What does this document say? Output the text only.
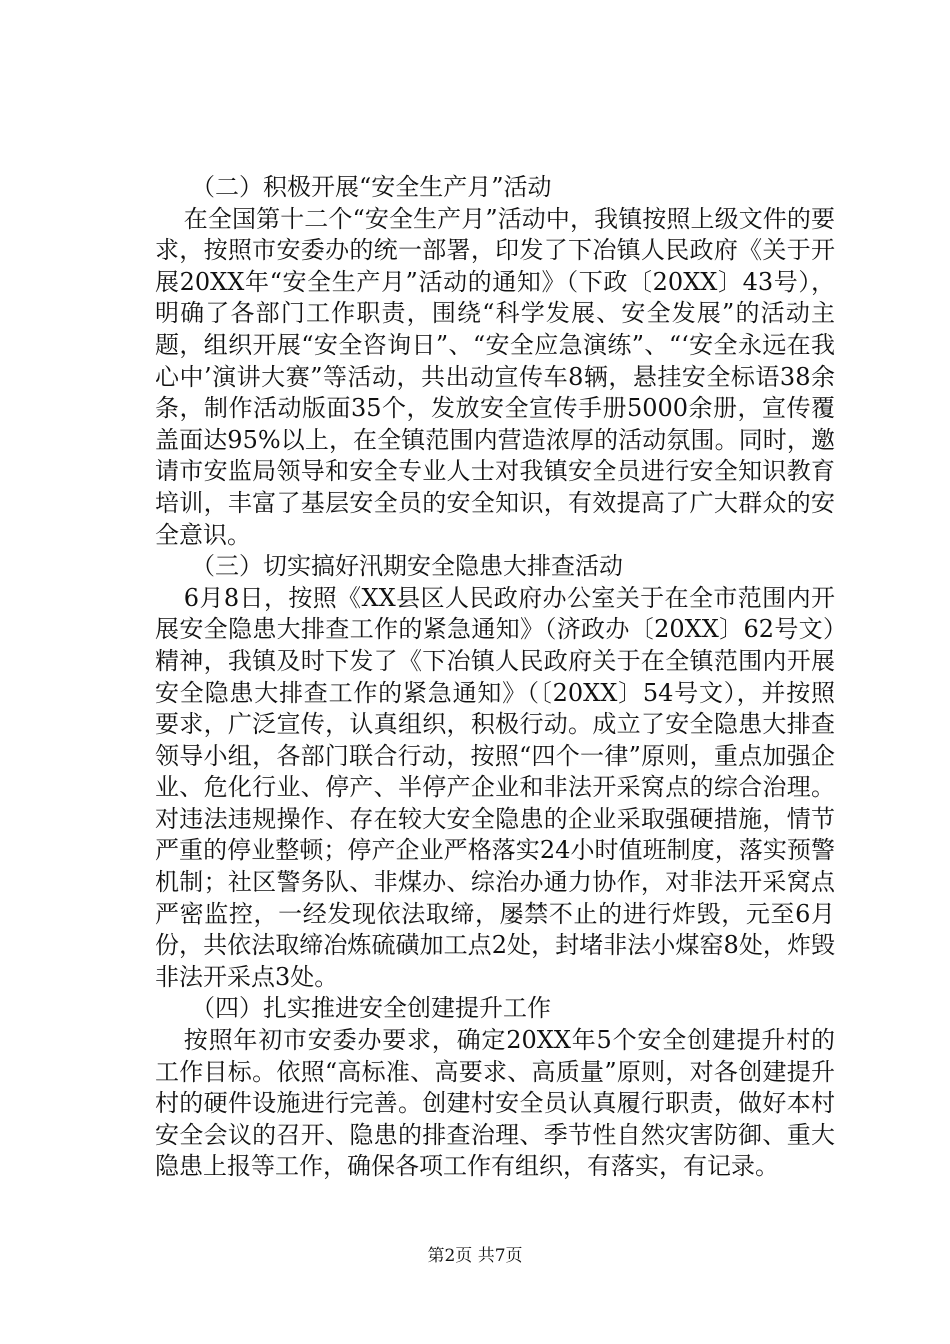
（二）积极开展“安全生产月”活动

在全国第十二个“安全生产月”活动中，我镇按照上级文件的要求，按照市安委办的统一部署，印发了下冶镇人民政府《关于开展20XX年“安全生产月”活动的通知》（下政〔20XX〕43号），明确了各部门工作职责，围绕“科学发展、安全发展”的活动主题，组织开展“安全咨询日”、“安全应急演练”、“‘安全永远在我心中’演讲大赛”等活动，共出动宣传车8辆，悬挂安全标语38余条，制作活动版面35个，发放安全宣传手册5000余册，宣传覆盖面达95%以上，在全镇范围内营造浓厚的活动氛围。同时，邀请市安监局领导和安全专业人士对我镇安全员进行安全知识教育培训，丰富了基层安全员的安全知识，有效提高了广大群众的安全意识。

（三）切实搞好汛期安全隐患大排查活动

6月8日，按照《XX县区人民政府办公室关于在全市范围内开展安全隐患大排查工作的紧急通知》（济政办〔20XX〕62号文）精神，我镇及时下发了《下冶镇人民政府关于在全镇范围内开展安全隐患大排查工作的紧急通知》（〔20XX〕54号文），并按照要求，广泛宣传，认真组织，积极行动。成立了安全隐患大排查领导小组，各部门联合行动，按照“四个一律”原则，重点加强企业、危化行业、停产、半停产企业和非法开采窝点的综合治理。对违法违规操作、存在较大安全隐患的企业采取强硬措施，情节严重的停业整顿；停产企业严格落实24小时值班制度，落实预警机制；社区警务队、非煤办、综治办通力协作，对非法开采窝点严密监控，一经发现依法取缔，屡禁不止的进行炸毁，元至6月份，共依法取缔冶炼硫磺加工点2处，封堵非法小煤窑8处，炸毁非法开采点3处。

（四）扎实推进安全创建提升工作

按照年初市安委办要求，确定20XX年5个安全创建提升村的工作目标。依照“高标准、高要求、高质量”原则，对各创建提升村的硬件设施进行完善。创建村安全员认真履行职责，做好本村安全会议的召开、隐患的排查治理、季节性自然灾害防御、重大隐患上报等工作，确保各项工作有组织，有落实，有记录。

第2页 共7页
